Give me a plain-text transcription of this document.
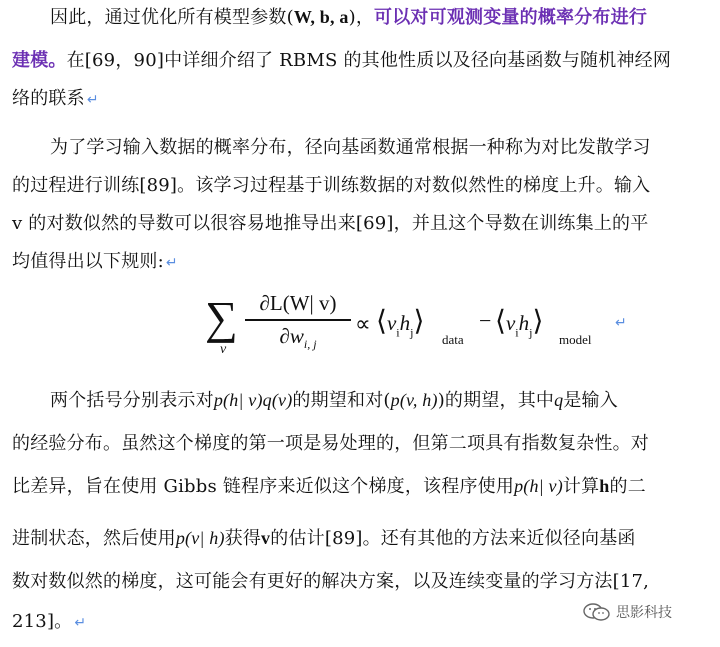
因此，通过优化所有模型参数(W, b, a)，可以对可观测变量的概率分布进行
建模。在[69，90]中详细介绍了 RBMS 的其他性质以及径向基函数与随机神经网
络的联系 ↵
为了学习输入数据的概率分布，径向基函数通常根据一种称为对比发散学习
的过程进行训练[89]。该学习过程基于训练数据的对数似然性的梯度上升。输入
v 的对数似然的导数可以很容易地推导出来[69]，并且这个导数在训练集上的平
均值得出以下规则: ↵
∑
v
∂L(W| v)
$\partial w_{i, j}$
∝ $⟨v_ih_j⟩$
data
− $⟨v_ih_j⟩$
model
↵
两个括号分别表示对p(h| v)q(v)的期望和对(p(v, h))的期望，其中q是输入
的经验分布。虽然这个梯度的第一项是易处理的，但第二项具有指数复杂性。对
比差异，旨在使用 Gibbs 链程序来近似这个梯度，该程序使用p(h| v)计算h的二
进制状态，然后使用p(v| h)获得v的估计[89]。还有其他的方法来近似径向基函
数对数似然的梯度，这可能会有更好的解决方案，以及连续变量的学习方法[17,
213]。 ↵
思影科技
